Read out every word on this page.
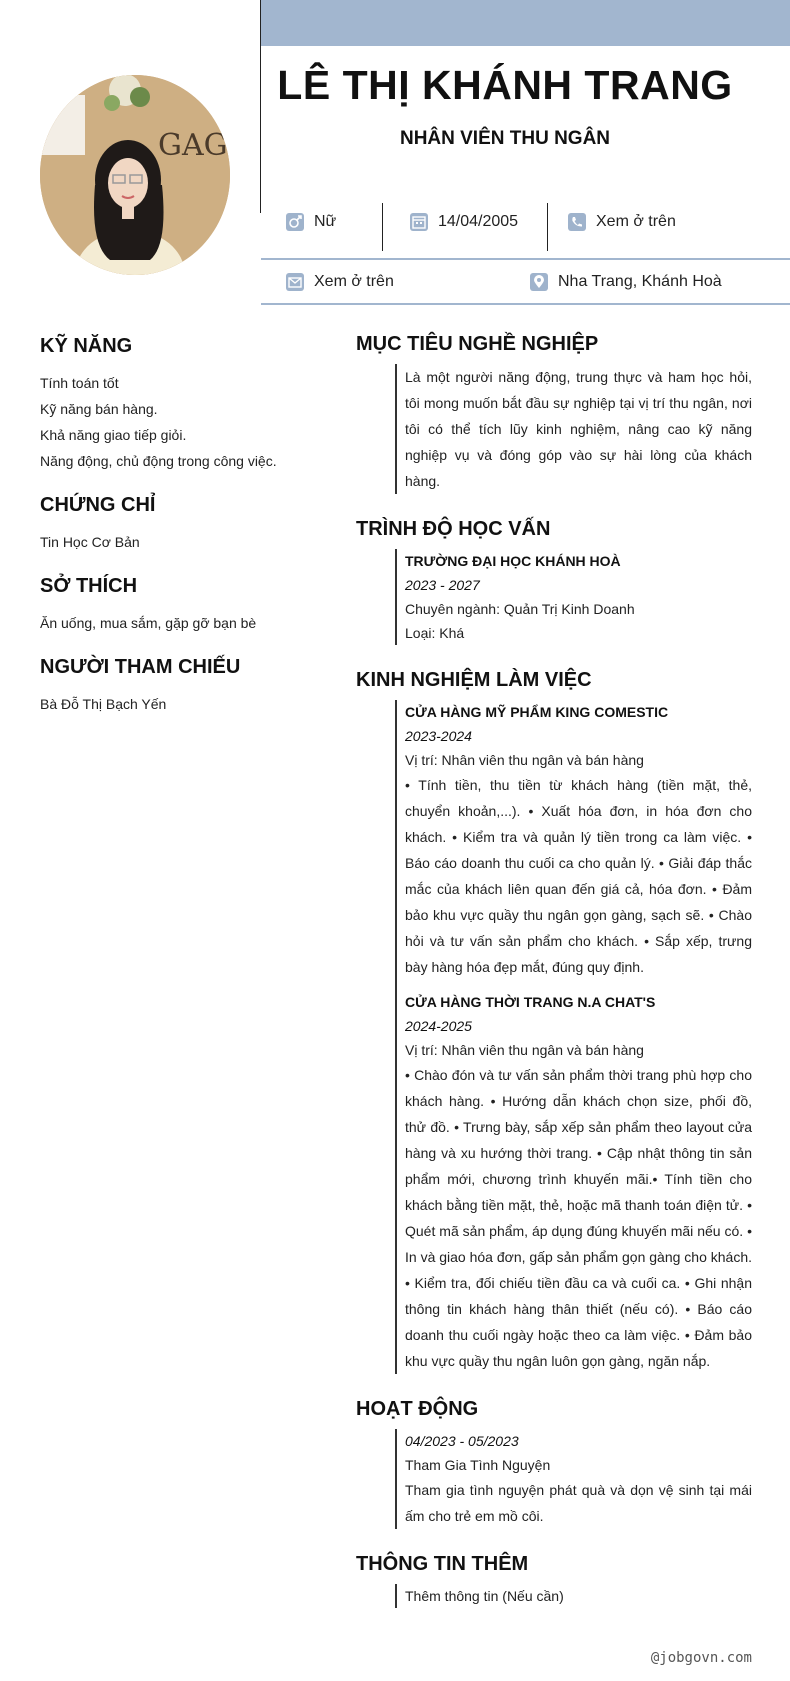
GAG
LÊ THỊ KHÁNH TRANG
NHÂN VIÊN THU NGÂN
Nữ	14/04/2005	Xem ở trên
Xem ở trên	Nha Trang, Khánh Hoà
KỸ NĂNG

Tính toán tốt

Kỹ năng bán hàng.

Khả năng giao tiếp giỏi.

Năng động, chủ động trong công việc.

CHỨNG CHỈ

Tin Học Cơ Bản

SỞ THÍCH

Ăn uống, mua sắm, gặp gỡ bạn bè

NGƯỜI THAM CHIẾU

Bà Đỗ Thị Bạch Yến

MỤC TIÊU NGHỀ NGHIỆP

Là một người năng động, trung thực và ham học hỏi, tôi mong muốn bắt đầu sự nghiệp tại vị trí thu ngân, nơi tôi có thể tích lũy kinh nghiệm, nâng cao kỹ năng nghiệp vụ và đóng góp vào sự hài lòng của khách hàng.

TRÌNH ĐỘ HỌC VẤN

TRƯỜNG ĐẠI HỌC KHÁNH HOÀ

2023 - 2027

Chuyên ngành: Quản Trị Kinh Doanh

Loại: Khá

KINH NGHIỆM LÀM VIỆC

CỬA HÀNG MỸ PHẨM KING COMESTIC

2023-2024

Vị trí: Nhân viên thu ngân và bán hàng

• Tính tiền, thu tiền từ khách hàng (tiền mặt, thẻ, chuyển khoản,...). • Xuất hóa đơn, in hóa đơn cho khách. • Kiểm tra và quản lý tiền trong ca làm việc. • Báo cáo doanh thu cuối ca cho quản lý. • Giải đáp thắc mắc của khách liên quan đến giá cả, hóa đơn. • Đảm bảo khu vực quầy thu ngân gọn gàng, sạch sẽ. • Chào hỏi và tư vấn sản phẩm cho khách. • Sắp xếp, trưng bày hàng hóa đẹp mắt, đúng quy định.

CỬA HÀNG THỜI TRANG N.A CHAT'S

2024-2025

Vị trí: Nhân viên thu ngân và bán hàng

• Chào đón và tư vấn sản phẩm thời trang phù hợp cho khách hàng. • Hướng dẫn khách chọn size, phối đồ, thử đồ. • Trưng bày, sắp xếp sản phẩm theo layout cửa hàng và xu hướng thời trang. • Cập nhật thông tin sản phẩm mới, chương trình khuyến mãi.• Tính tiền cho khách bằng tiền mặt, thẻ, hoặc mã thanh toán điện tử. • Quét mã sản phẩm, áp dụng đúng khuyến mãi nếu có. • In và giao hóa đơn, gấp sản phẩm gọn gàng cho khách. • Kiểm tra, đối chiếu tiền đầu ca và cuối ca. • Ghi nhận thông tin khách hàng thân thiết (nếu có). • Báo cáo doanh thu cuối ngày hoặc theo ca làm việc. • Đảm bảo khu vực quầy thu ngân luôn gọn gàng, ngăn nắp.

HOẠT ĐỘNG

04/2023 - 05/2023

Tham Gia Tình Nguyện

Tham gia tình nguyện phát quà và dọn vệ sinh tại mái ấm cho trẻ em mồ côi.

THÔNG TIN THÊM

Thêm thông tin (Nếu cần)

@jobgovn.com
